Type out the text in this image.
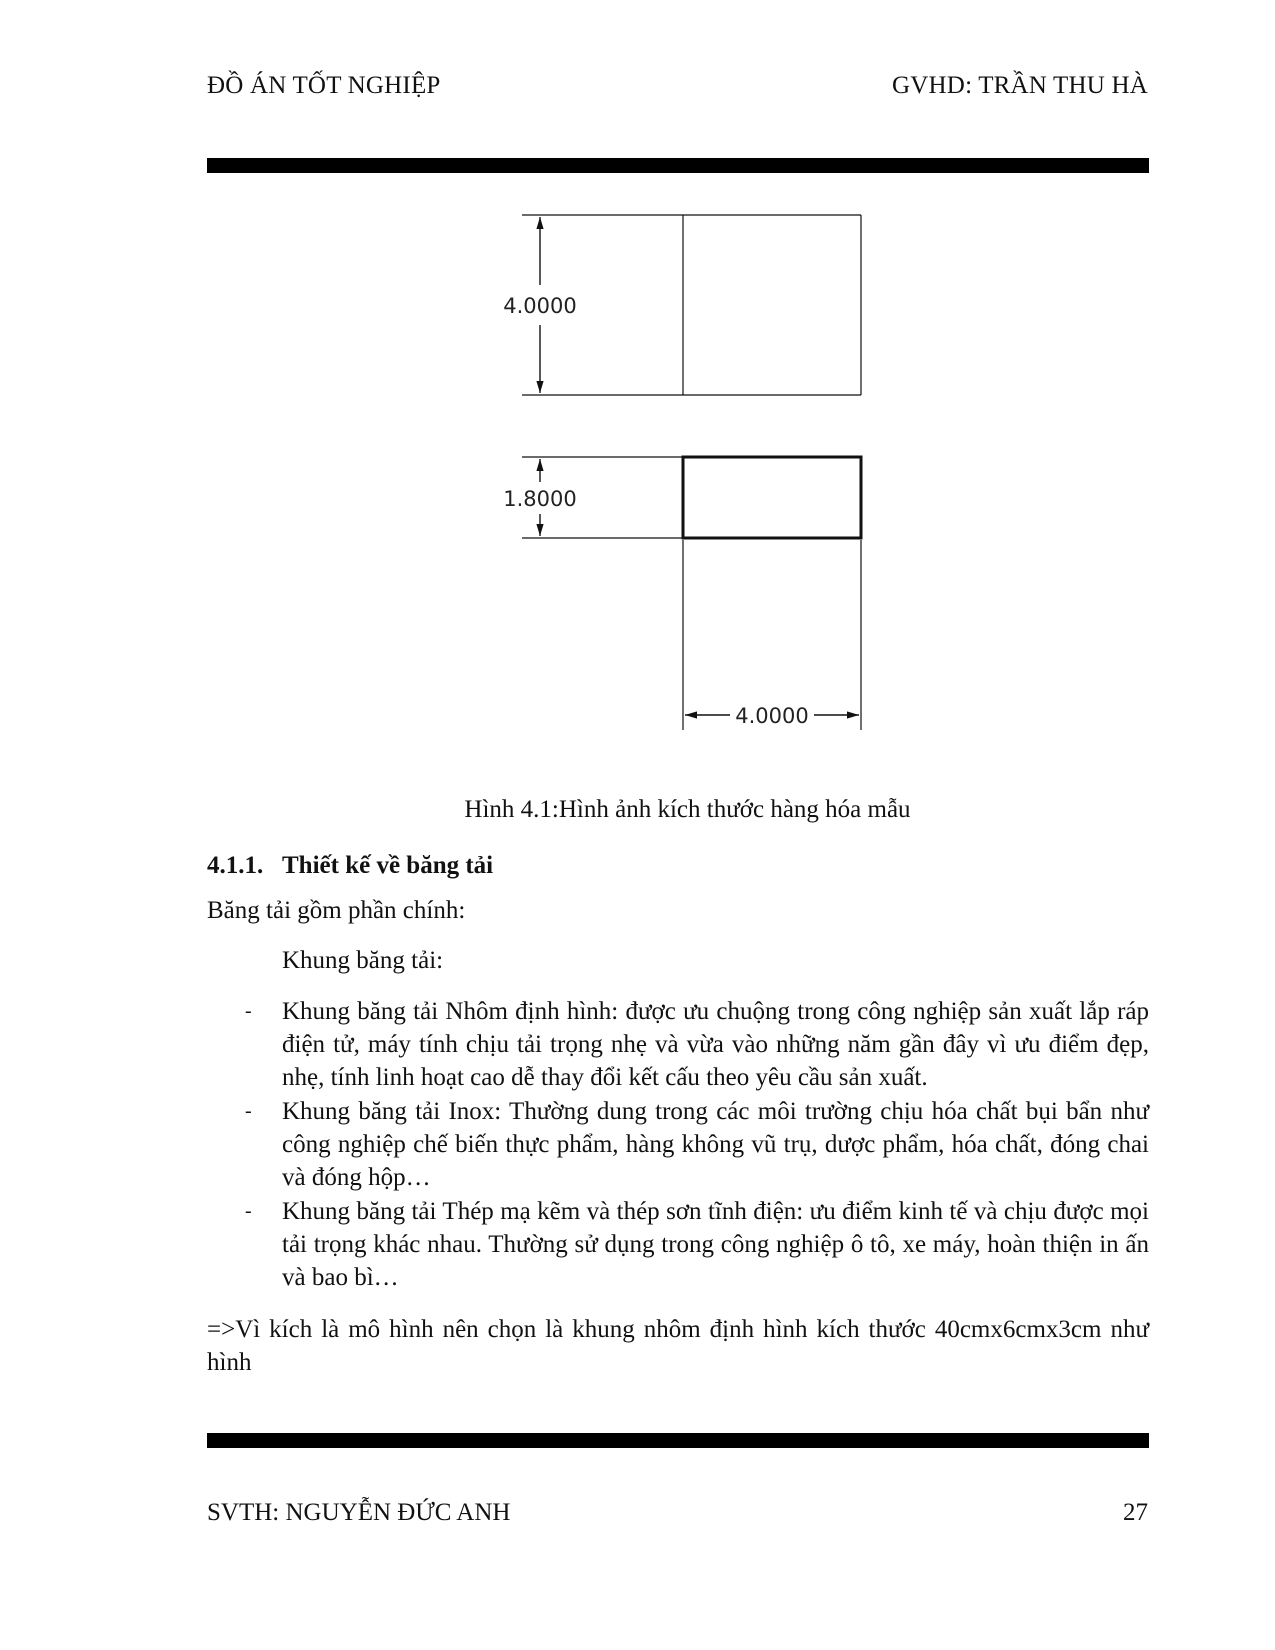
ĐỒ ÁN TỐT NGHIỆP	GVHD: TRẦN THU HÀ
4.0000
1.8000
4.0000
Hình 4.1:Hình ảnh kích thước hàng hóa mẫu
4.1.1. Thiết kế về băng tải
Băng tải gồm phần chính:
Khung băng tải:
- Khung băng tải Nhôm định hình: được ưu chuộng trong công nghiệp sản xuất lắp ráp điện tử, máy tính chịu tải trọng nhẹ và vừa vào những năm gần đây vì ưu điểm đẹp, nhẹ, tính linh hoạt cao dễ thay đổi kết cấu theo yêu cầu sản xuất.
- Khung băng tải Inox: Thường dung trong các môi trường chịu hóa chất bụi bẩn như công nghiệp chế biến thực phẩm, hàng không vũ trụ, dược phẩm, hóa chất, đóng chai và đóng hộp…
- Khung băng tải Thép mạ kẽm và thép sơn tĩnh điện: ưu điểm kinh tế và chịu được mọi tải trọng khác nhau. Thường sử dụng trong công nghiệp ô tô, xe máy, hoàn thiện in ấn và bao bì…
=>Vì kích là mô hình nên chọn là khung nhôm định hình kích thước 40cmx6cmx3cm như hình
SVTH: NGUYỄN ĐỨC ANH	27
